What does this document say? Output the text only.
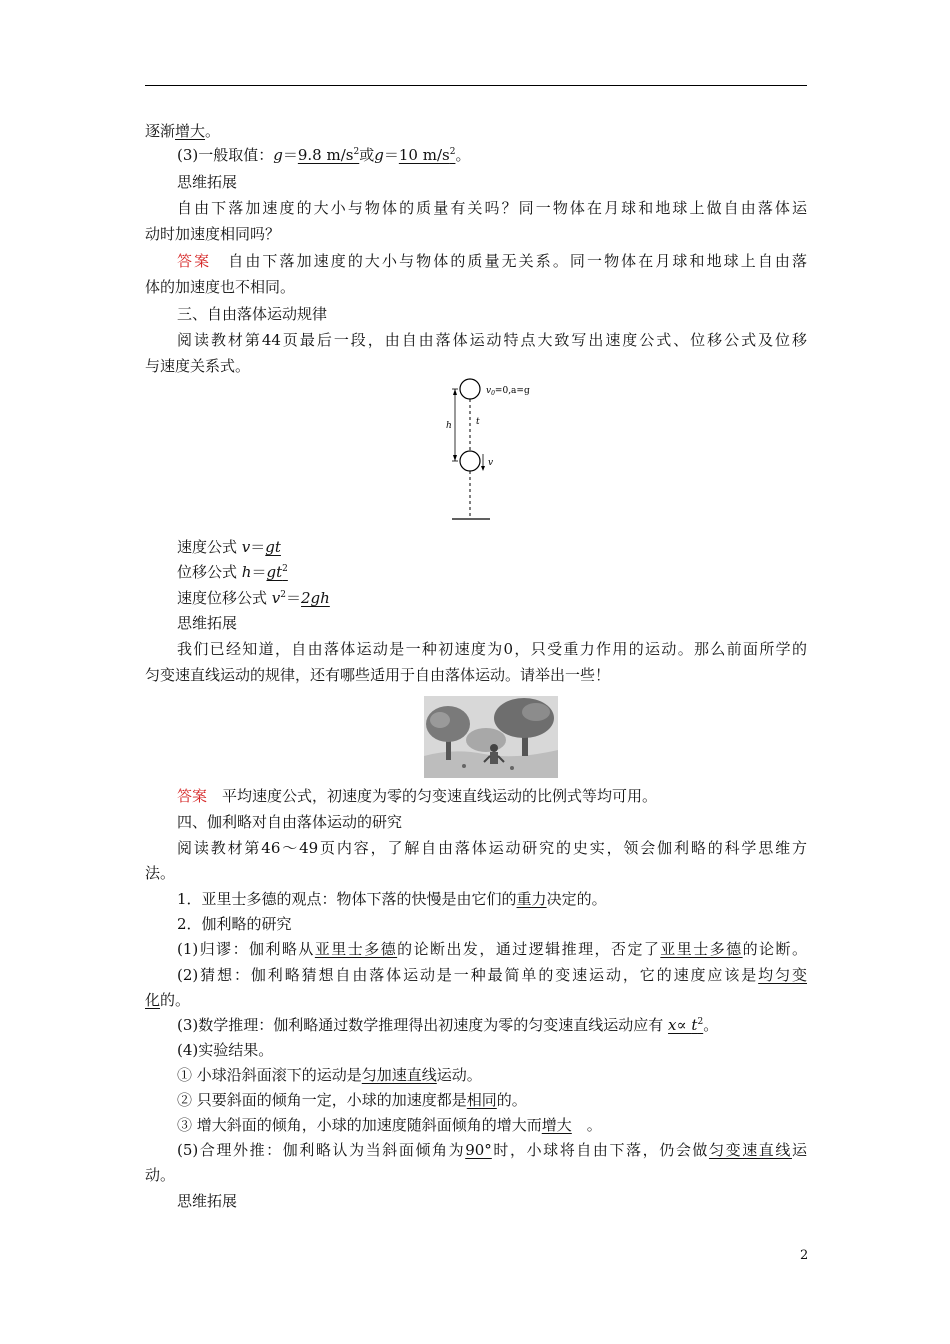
逐渐增大。
(3)一般取值：g＝9.8 $m/s^2$或g＝10 $m/s^2$。
思维拓展
自由下落加速度的大小与物体的质量有关吗？同一物体在月球和地球上做自由落体运
动时加速度相同吗？
答案　自由下落加速度的大小与物体的质量无关系。同一物体在月球和地球上自由落
体的加速度也不相同。
三、自由落体运动规律
阅读教材第44页最后一段，由自由落体运动特点大致写出速度公式、位移公式及位移
与速度关系式。
$v_0=0,a=g$
h	t
v
速度公式 v＝gt
位移公式 $h=gt^2$
速度位移公式 $v^2=2gh$
思维拓展
我们已经知道，自由落体运动是一种初速度为0，只受重力作用的运动。那么前面所学的
匀变速直线运动的规律，还有哪些适用于自由落体运动。请举出一些！
答案　平均速度公式，初速度为零的匀变速直线运动的比例式等均可用。
四、伽利略对自由落体运动的研究
阅读教材第46～49页内容，了解自由落体运动研究的史实，领会伽利略的科学思维方
法。
1．亚里士多德的观点：物体下落的快慢是由它们的重力决定的。
2．伽利略的研究
(1)归谬：伽利略从亚里士多德的论断出发，通过逻辑推理，否定了亚里士多德的论断。
(2)猜想：伽利略猜想自由落体运动是一种最简单的变速运动，它的速度应该是均匀变
化的。
(3)数学推理：伽利略通过数学推理得出初速度为零的匀变速直线运动应有 $x\propto t^2$。
(4)实验结果。
① 小球沿斜面滚下的运动是匀加速直线运动。
② 只要斜面的倾角一定，小球的加速度都是相同的。
③ 增大斜面的倾角，小球的加速度随斜面倾角的增大而增大　。
(5)合理外推：伽利略认为当斜面倾角为90°时，小球将自由下落，仍会做匀变速直线运
动。
思维拓展
2
